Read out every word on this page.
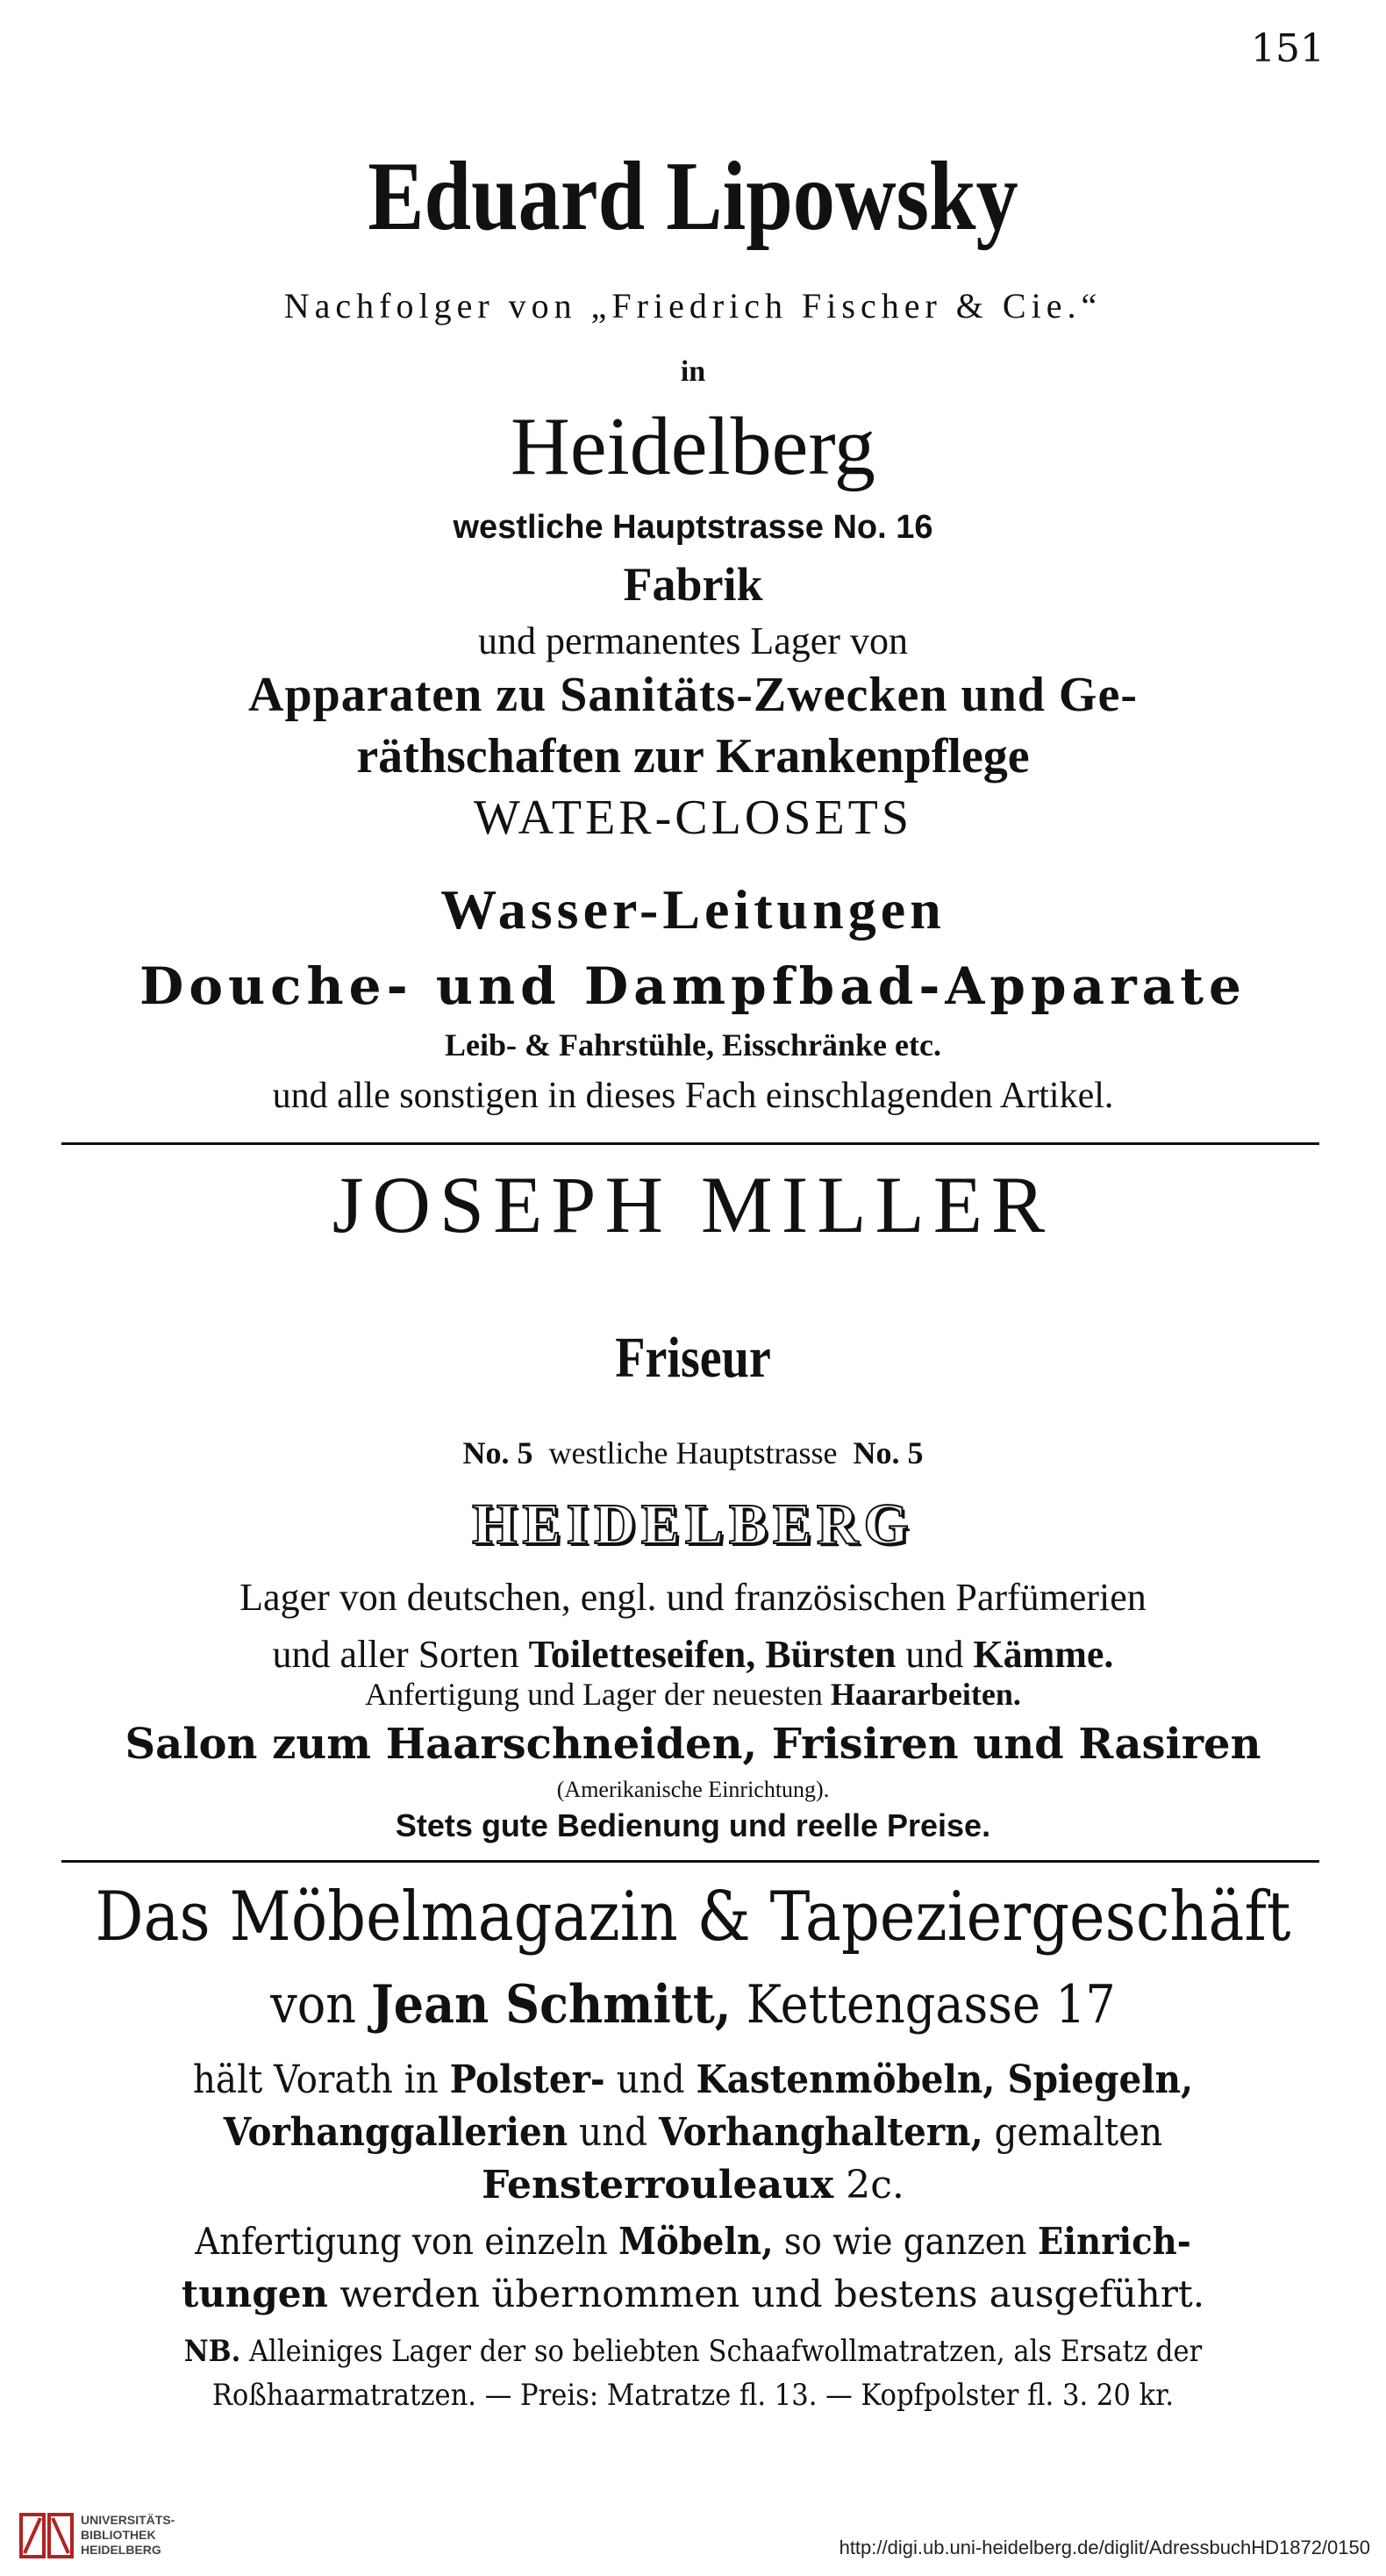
151
Eduard Lipowsky
Nachfolger von „Friedrich Fischer & Cie.“
in
Heidelberg
westliche Hauptstrasse No. 16
Fabrik
und permanentes Lager von
Apparaten zu Sanitäts-Zwecken und Ge-
räthschaften zur Krankenpflege
WATER-CLOSETS
Wasser-Leitungen
Douche- und Dampfbad-Apparate
Leib- & Fahrstühle, Eisschränke etc.
und alle sonstigen in dieses Fach einschlagenden Artikel.
JOSEPH MILLER
Friseur
No. 5 westliche Hauptstrasse No. 5
HEIDELBERG
Lager von deutschen, engl. und französischen Parfümerien
und aller Sorten Toiletteseifen, Bürsten und Kämme.
Anfertigung und Lager der neuesten Haararbeiten.
Salon zum Haarschneiden, Frisiren und Rasiren
(Amerikanische Einrichtung).
Stets gute Bedienung und reelle Preise.
Das Möbelmagazin & Tapeziergeschäft
von Jean Schmitt, Kettengasse 17
hält Vorath in Polster- und Kastenmöbeln, Spiegeln,
Vorhanggallerien und Vorhanghaltern, gemalten
Fensterrouleaux 2c.
Anfertigung von einzeln Möbeln, so wie ganzen Einrich-
tungen werden übernommen und bestens ausgeführt.
NB. Alleiniges Lager der so beliebten Schaafwollmatratzen, als Ersatz der
Roßhaarmatratzen. — Preis: Matratze fl. 13. — Kopfpolster fl. 3. 20 kr.
UNIVERSITÄTS-
BIBLIOTHEK
HEIDELBERG	http://digi.ub.uni-heidelberg.de/diglit/AdressbuchHD1872/0150
